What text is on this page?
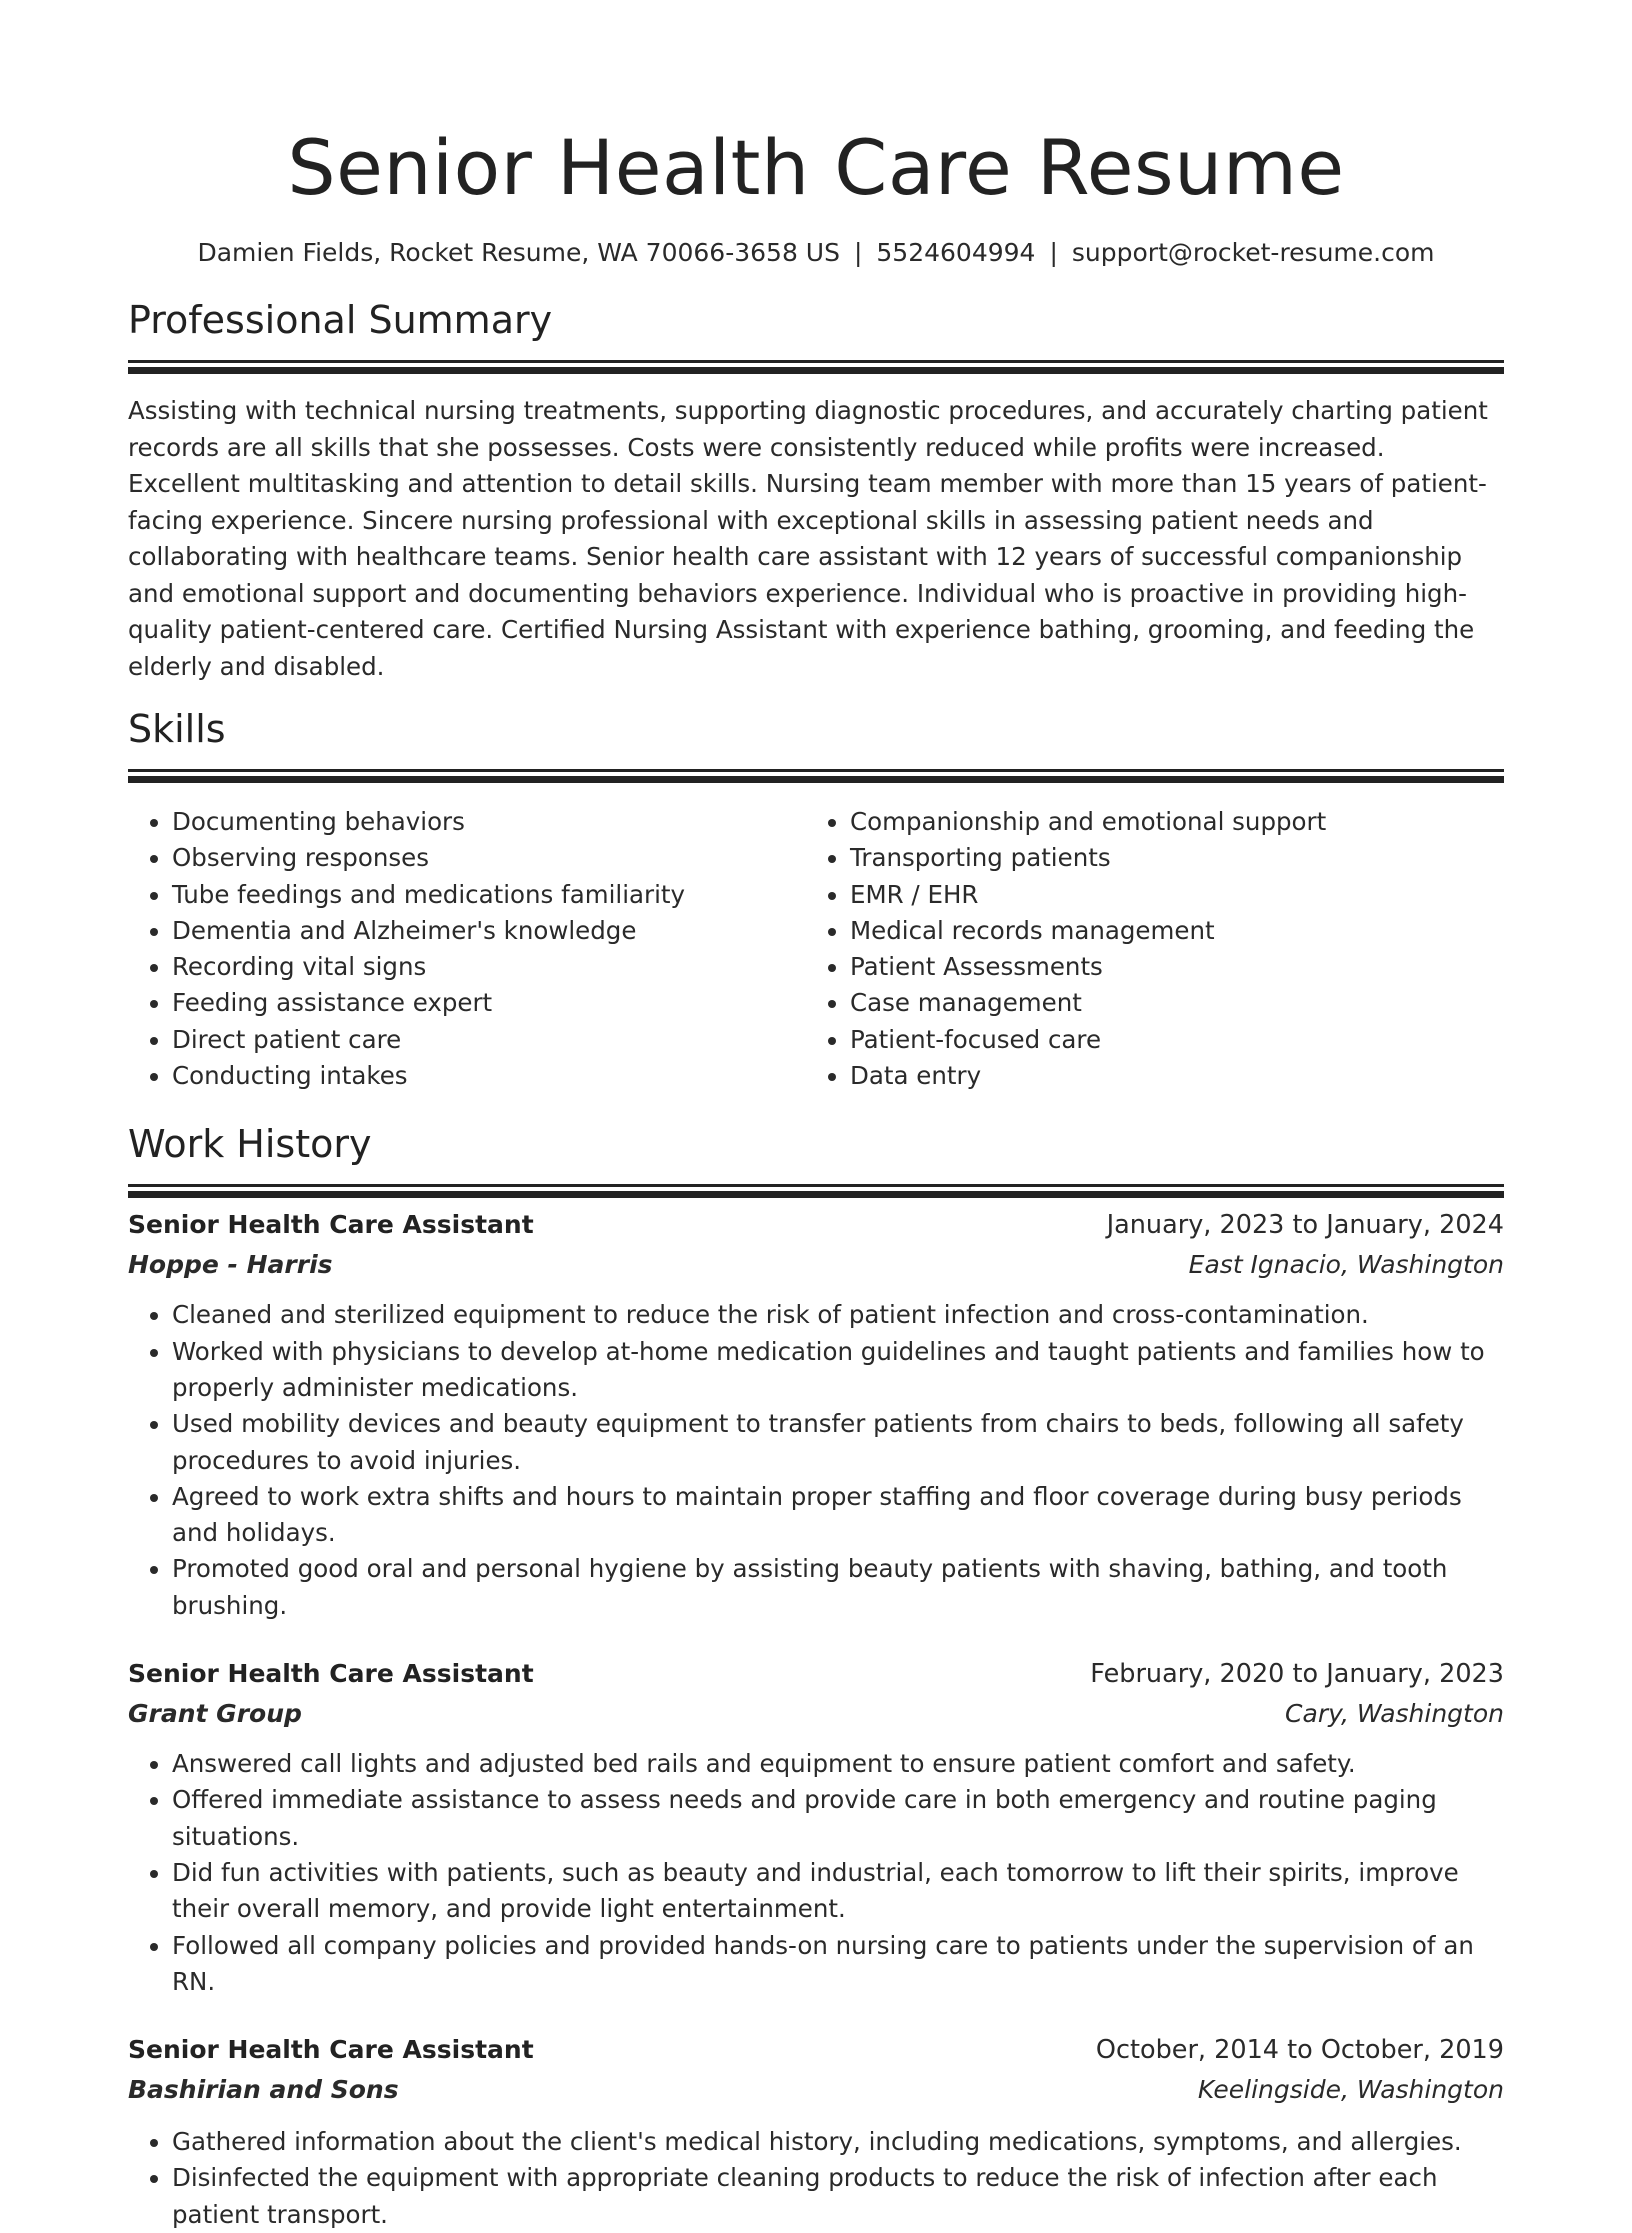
Senior Health Care Resume
Damien Fields, Rocket Resume, WA 70066-3658 US | 5524604994 | support@rocket-resume.com
Professional Summary

Assisting with technical nursing treatments, supporting diagnostic procedures, and accurately charting patient records are all skills that she possesses. Costs were consistently reduced while profits were increased. Excellent multitasking and attention to detail skills. Nursing team member with more than 15 years of patient-facing experience. Sincere nursing professional with exceptional skills in assessing patient needs and collaborating with healthcare teams. Senior health care assistant with 12 years of successful companionship and emotional support and documenting behaviors experience. Individual who is proactive in providing high-quality patient-centered care. Certified Nursing Assistant with experience bathing, grooming, and feeding the elderly and disabled.

Skills
• Documenting behaviors
• Observing responses
• Tube feedings and medications familiarity
• Dementia and Alzheimer's knowledge
• Recording vital signs
• Feeding assistance expert
• Direct patient care
• Conducting intakes
• Companionship and emotional support
• Transporting patients
• EMR / EHR
• Medical records management
• Patient Assessments
• Case management
• Patient-focused care
• Data entry
Work History
Senior Health Care Assistant	January, 2023 to January, 2024
Hoppe - Harris	East Ignacio, Washington
• Cleaned and sterilized equipment to reduce the risk of patient infection and cross-contamination.
• Worked with physicians to develop at-home medication guidelines and taught patients and families how to properly administer medications.
• Used mobility devices and beauty equipment to transfer patients from chairs to beds, following all safety procedures to avoid injuries.
• Agreed to work extra shifts and hours to maintain proper staffing and floor coverage during busy periods and holidays.
• Promoted good oral and personal hygiene by assisting beauty patients with shaving, bathing, and tooth brushing.
Senior Health Care Assistant	February, 2020 to January, 2023
Grant Group	Cary, Washington
• Answered call lights and adjusted bed rails and equipment to ensure patient comfort and safety.
• Offered immediate assistance to assess needs and provide care in both emergency and routine paging situations.
• Did fun activities with patients, such as beauty and industrial, each tomorrow to lift their spirits, improve their overall memory, and provide light entertainment.
• Followed all company policies and provided hands-on nursing care to patients under the supervision of an RN.
Senior Health Care Assistant	October, 2014 to October, 2019
Bashirian and Sons	Keelingside, Washington
• Gathered information about the client's medical history, including medications, symptoms, and allergies.
• Disinfected the equipment with appropriate cleaning products to reduce the risk of infection after each patient transport.
